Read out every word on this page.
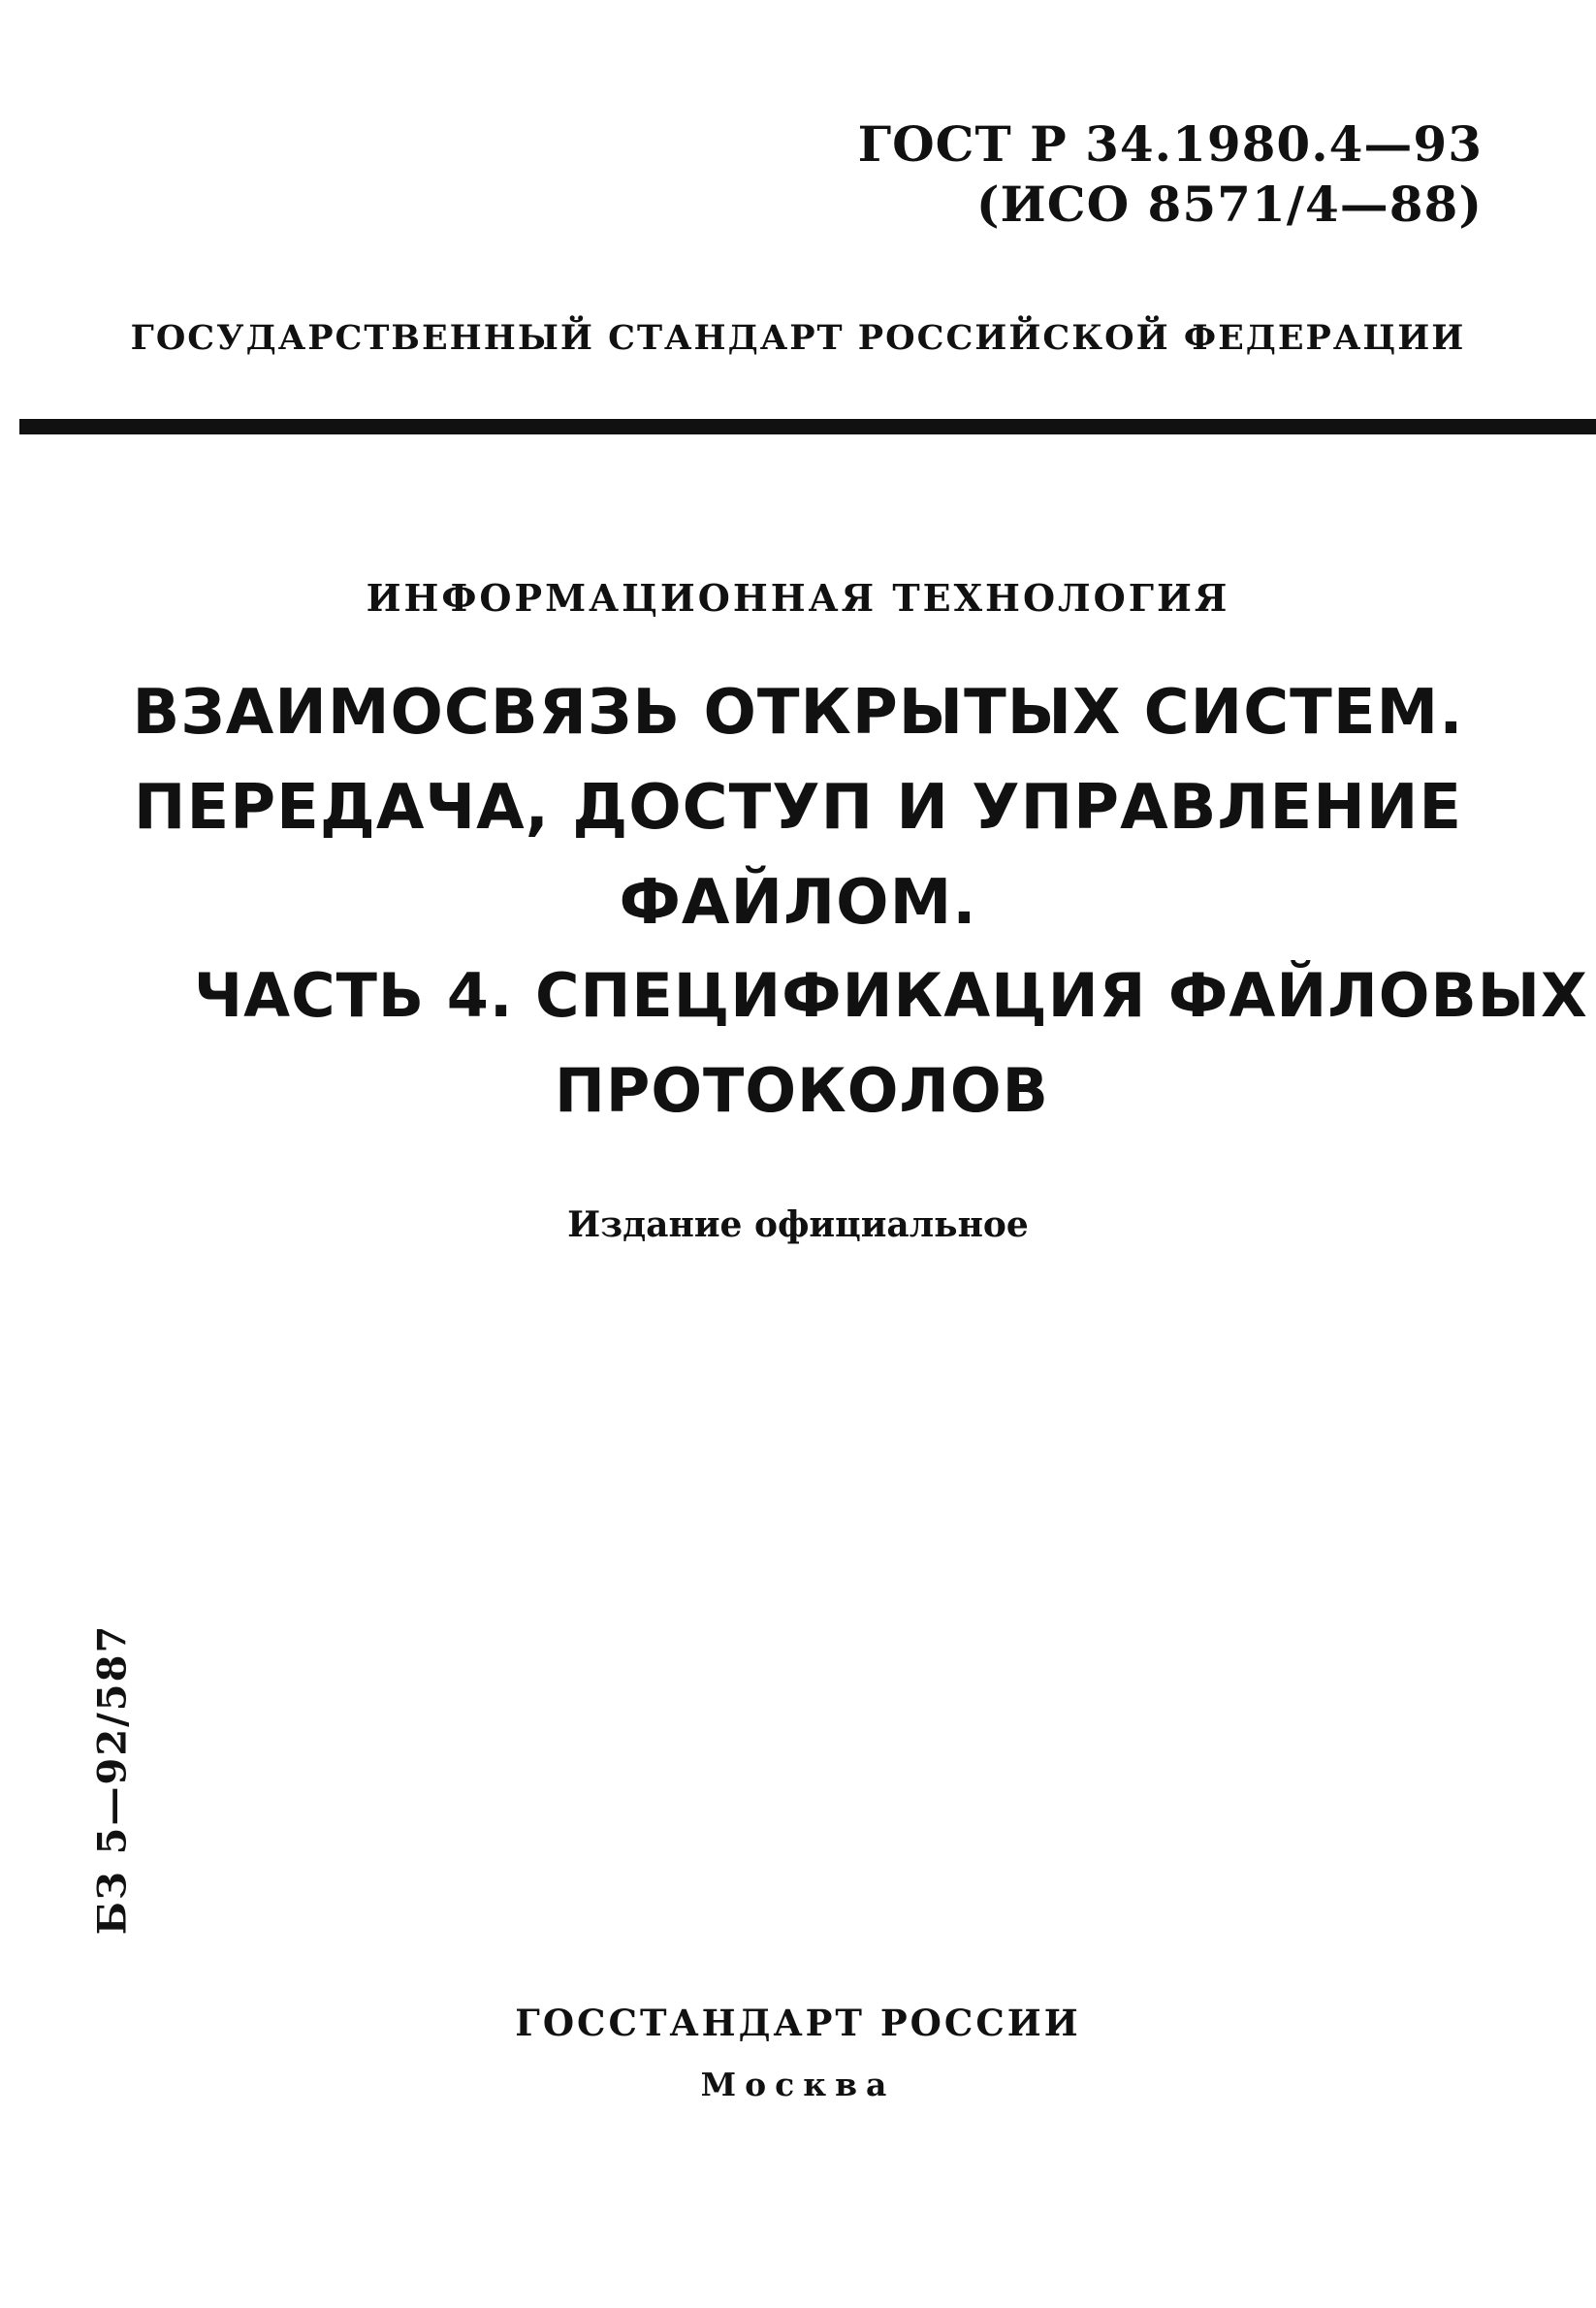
ГОСТ Р 34.1980.4—93
(ИСО 8571/4—88)
ГОСУДАРСТВЕННЫЙ СТАНДАРТ РОССИЙСКОЙ ФЕДЕРАЦИИ
ИНФОРМАЦИОННАЯ ТЕХНОЛОГИЯ
ВЗАИМОСВЯЗЬ ОТКРЫТЫХ СИСТЕМ.
ПЕРЕДАЧА, ДОСТУП И УПРАВЛЕНИЕ
ФАЙЛОМ.
ЧАСТЬ 4. СПЕЦИФИКАЦИЯ ФАЙЛОВЫХ
ПРОТОКОЛОВ
Издание официальное
БЗ 5—92/587
ГОССТАНДАРТ РОССИИ
Москва
